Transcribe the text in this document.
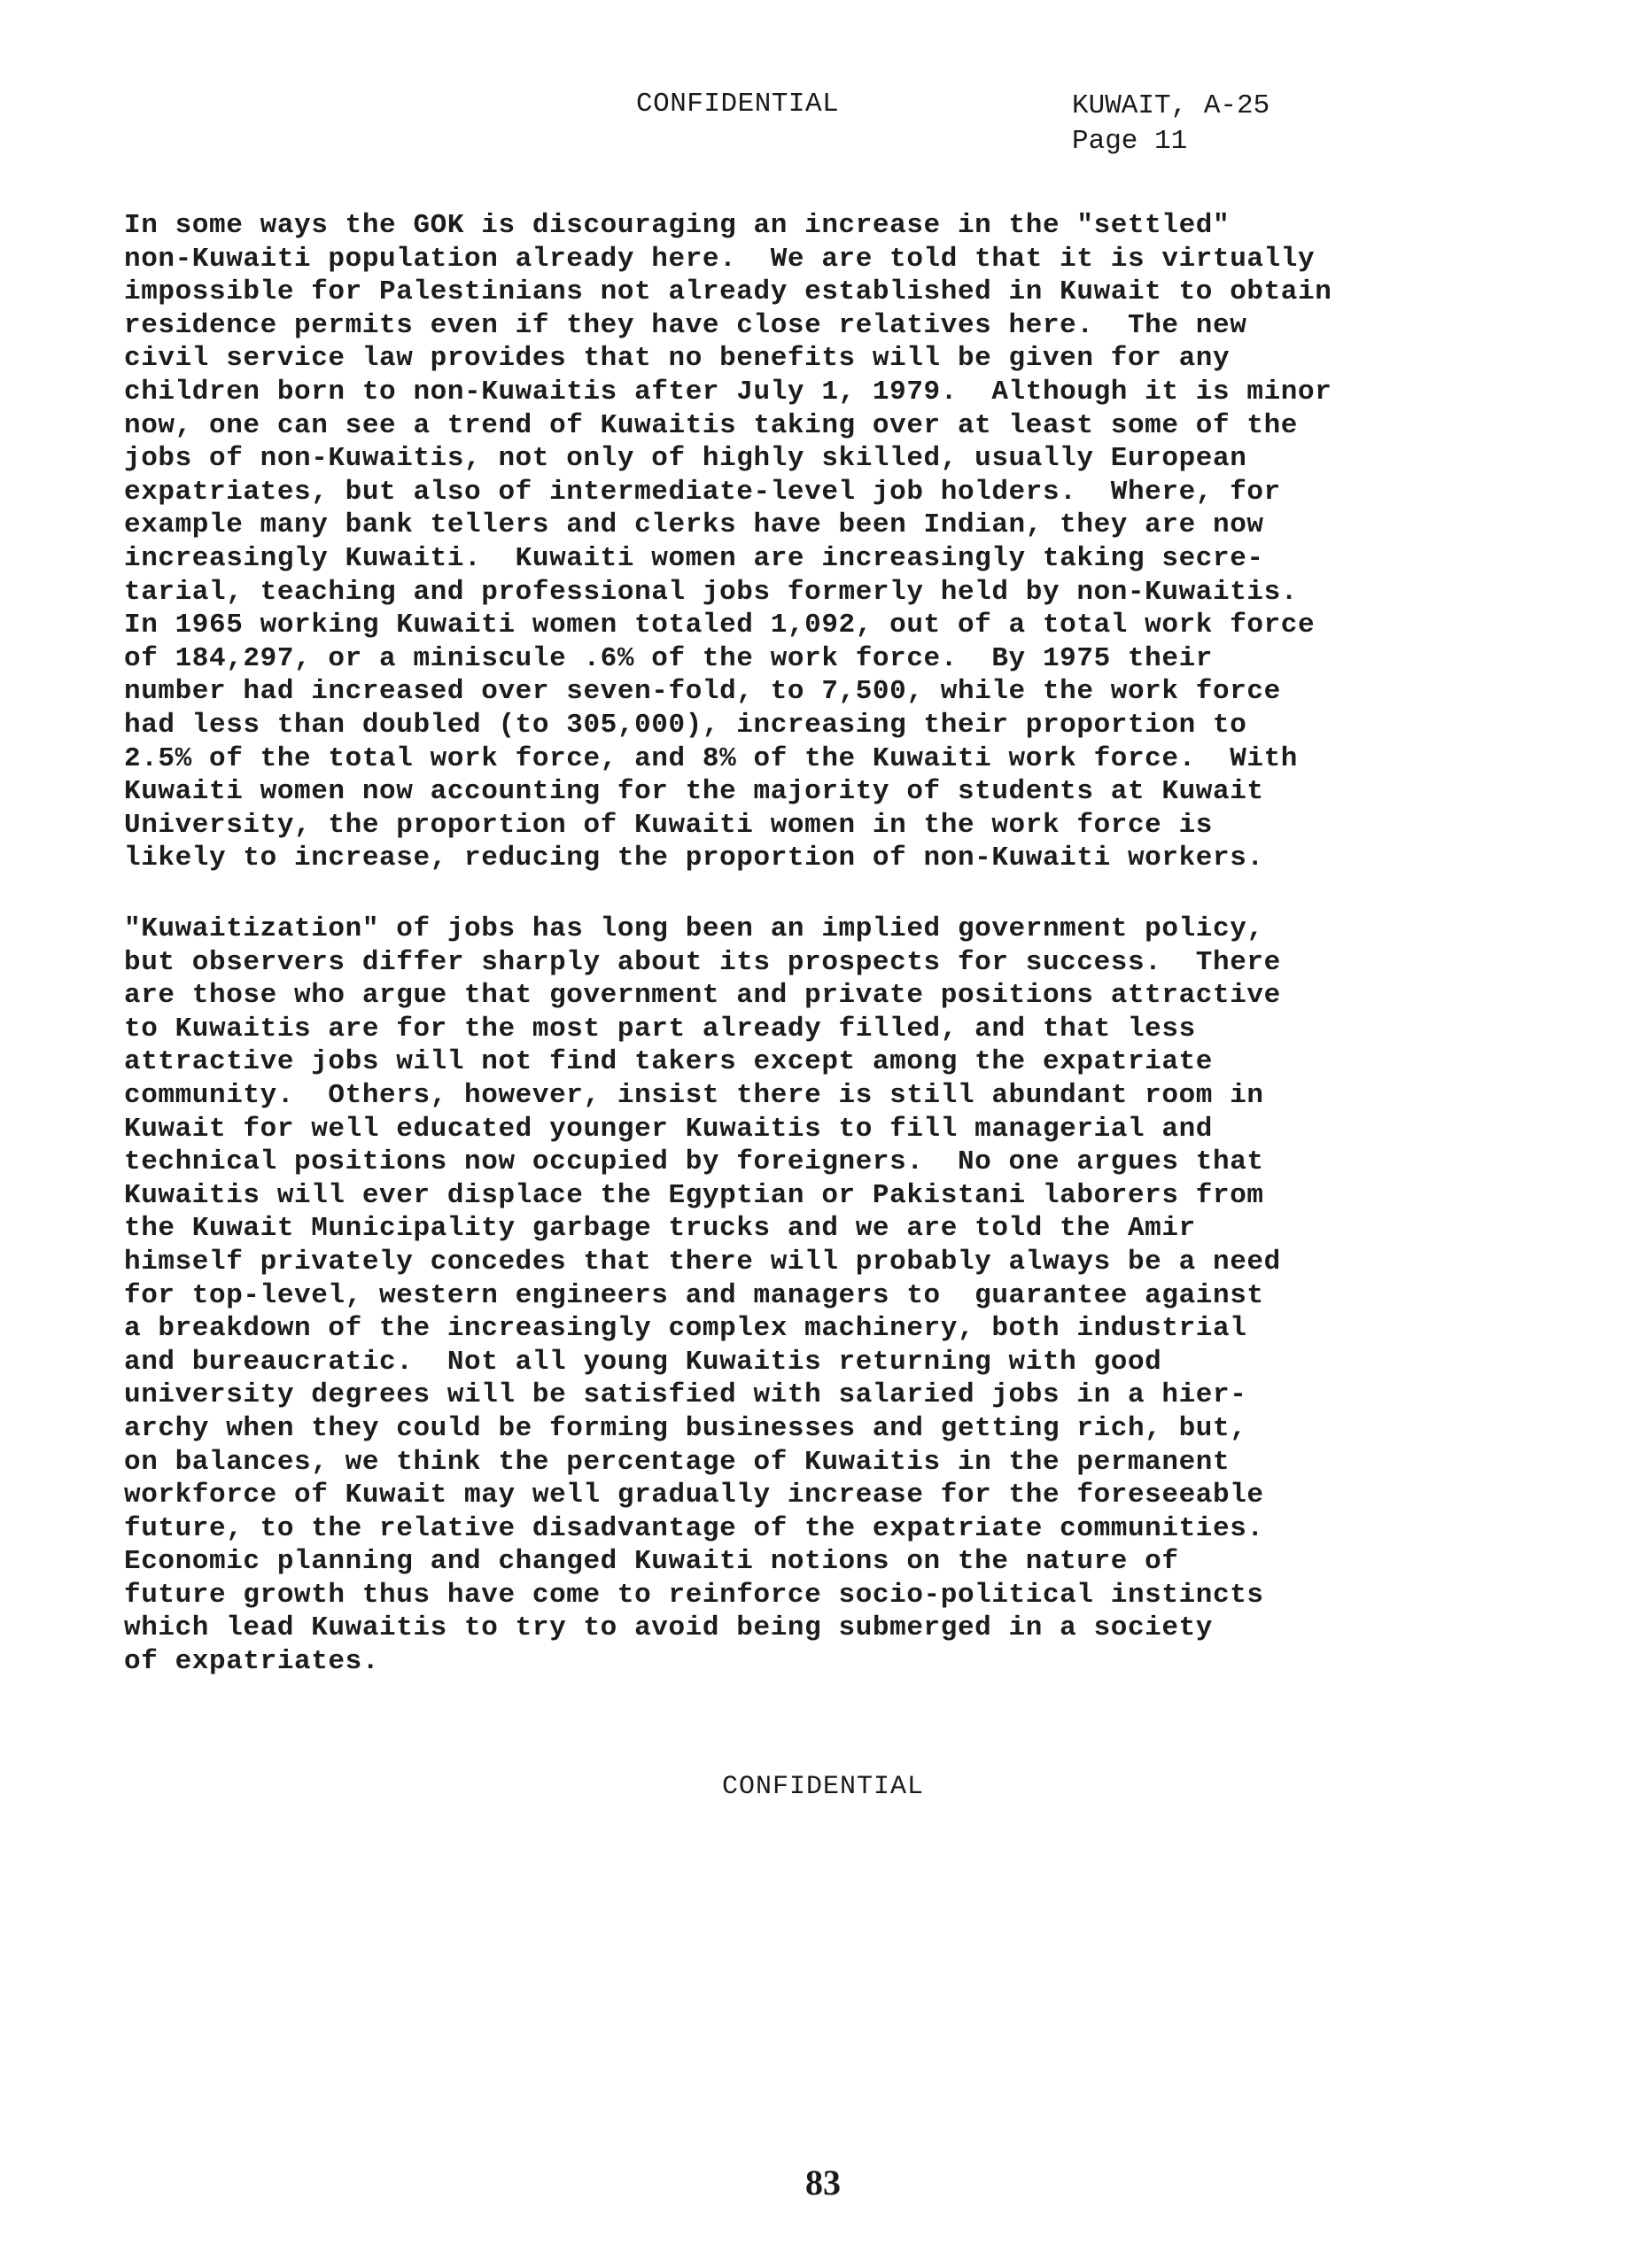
CONFIDENTIAL	KUWAIT, A-25
Page 11
In some ways the GOK is discouraging an increase in the "settled"
non-Kuwaiti population already here.  We are told that it is virtually
impossible for Palestinians not already established in Kuwait to obtain
residence permits even if they have close relatives here.  The new
civil service law provides that no benefits will be given for any
children born to non-Kuwaitis after July 1, 1979.  Although it is minor
now, one can see a trend of Kuwaitis taking over at least some of the
jobs of non-Kuwaitis, not only of highly skilled, usually European
expatriates, but also of intermediate-level job holders.  Where, for
example many bank tellers and clerks have been Indian, they are now
increasingly Kuwaiti.  Kuwaiti women are increasingly taking secre-
tarial, teaching and professional jobs formerly held by non-Kuwaitis.
In 1965 working Kuwaiti women totaled 1,092, out of a total work force
of 184,297, or a miniscule .6% of the work force.  By 1975 their
number had increased over seven-fold, to 7,500, while the work force
had less than doubled (to 305,000), increasing their proportion to
2.5% of the total work force, and 8% of the Kuwaiti work force.  With
Kuwaiti women now accounting for the majority of students at Kuwait
University, the proportion of Kuwaiti women in the work force is
likely to increase, reducing the proportion of non-Kuwaiti workers.
"Kuwaitization" of jobs has long been an implied government policy,
but observers differ sharply about its prospects for success.  There
are those who argue that government and private positions attractive
to Kuwaitis are for the most part already filled, and that less
attractive jobs will not find takers except among the expatriate
community.  Others, however, insist there is still abundant room in
Kuwait for well educated younger Kuwaitis to fill managerial and
technical positions now occupied by foreigners.  No one argues that
Kuwaitis will ever displace the Egyptian or Pakistani laborers from
the Kuwait Municipality garbage trucks and we are told the Amir
himself privately concedes that there will probably always be a need
for top-level, western engineers and managers to  guarantee against
a breakdown of the increasingly complex machinery, both industrial
and bureaucratic.  Not all young Kuwaitis returning with good
university degrees will be satisfied with salaried jobs in a hier-
archy when they could be forming businesses and getting rich, but,
on balances, we think the percentage of Kuwaitis in the permanent
workforce of Kuwait may well gradually increase for the foreseeable
future, to the relative disadvantage of the expatriate communities.
Economic planning and changed Kuwaiti notions on the nature of
future growth thus have come to reinforce socio-political instincts
which lead Kuwaitis to try to avoid being submerged in a society
of expatriates.
CONFIDENTIAL
83
